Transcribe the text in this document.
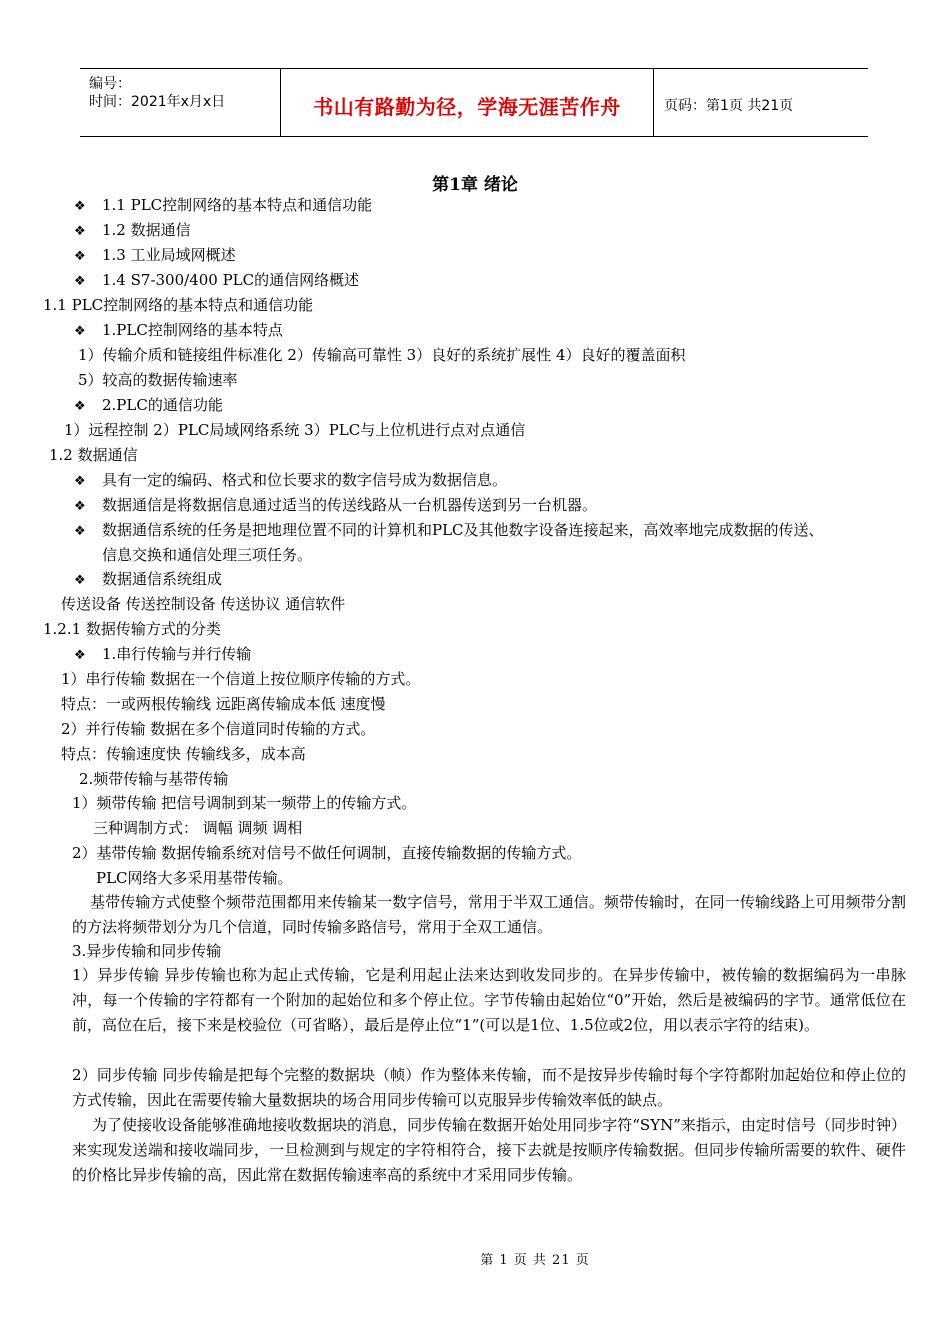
编号：
时间：2021年x月x日	书山有路勤为径，学海无涯苦作舟	页码：第1页 共21页
第1章 绪论
❖ 1.1 PLC控制网络的基本特点和通信功能
❖ 1.2 数据通信
❖ 1.3 工业局域网概述
❖ 1.4 S7-300/400 PLC的通信网络概述
1.1 PLC控制网络的基本特点和通信功能
❖ 1.PLC控制网络的基本特点
1）传输介质和链接组件标准化 2）传输高可靠性 3）良好的系统扩展性 4）良好的覆盖面积
5）较高的数据传输速率
❖ 2.PLC的通信功能
1）远程控制 2）PLC局域网络系统 3）PLC与上位机进行点对点通信
1.2 数据通信
❖ 具有一定的编码、格式和位长要求的数字信号成为数据信息。
❖ 数据通信是将数据信息通过适当的传送线路从一台机器传送到另一台机器。
❖ 数据通信系统的任务是把地理位置不同的计算机和PLC及其他数字设备连接起来，高效率地完成数据的传送、
信息交换和通信处理三项任务。
❖ 数据通信系统组成
传送设备 传送控制设备 传送协议 通信软件
1.2.1 数据传输方式的分类
❖ 1.串行传输与并行传输
1）串行传输 数据在一个信道上按位顺序传输的方式。
特点：一或两根传输线 远距离传输成本低 速度慢
2）并行传输 数据在多个信道同时传输的方式。
特点：传输速度快 传输线多，成本高
2.频带传输与基带传输
1）频带传输 把信号调制到某一频带上的传输方式。
三种调制方式： 调幅 调频 调相
2）基带传输 数据传输系统对信号不做任何调制，直接传输数据的传输方式。
PLC网络大多采用基带传输。
基带传输方式使整个频带范围都用来传输某一数字信号，常用于半双工通信。频带传输时，在同一传输线路上可用频带分割的方法将频带划分为几个信道，同时传输多路信号，常用于全双工通信。
3.异步传输和同步传输
1）异步传输 异步传输也称为起止式传输，它是利用起止法来达到收发同步的。在异步传输中，被传输的数据编码为一串脉冲，每一个传输的字符都有一个附加的起始位和多个停止位。字节传输由起始位“0”开始，然后是被编码的字节。通常低位在前，高位在后，接下来是校验位（可省略），最后是停止位“1”(可以是1位、1.5位或2位，用以表示字符的结束)。
2）同步传输 同步传输是把每个完整的数据块（帧）作为整体来传输，而不是按异步传输时每个字符都附加起始位和停止位的方式传输，因此在需要传输大量数据块的场合用同步传输可以克服异步传输效率低的缺点。
为了使接收设备能够准确地接收数据块的消息，同步传输在数据开始处用同步字符“SYN”来指示，由定时信号（同步时钟）来实现发送端和接收端同步，一旦检测到与规定的字符相符合，接下去就是按顺序传输数据。但同步传输所需要的软件、硬件的价格比异步传输的高，因此常在数据传输速率高的系统中才采用同步传输。
第 1 页 共 21 页
